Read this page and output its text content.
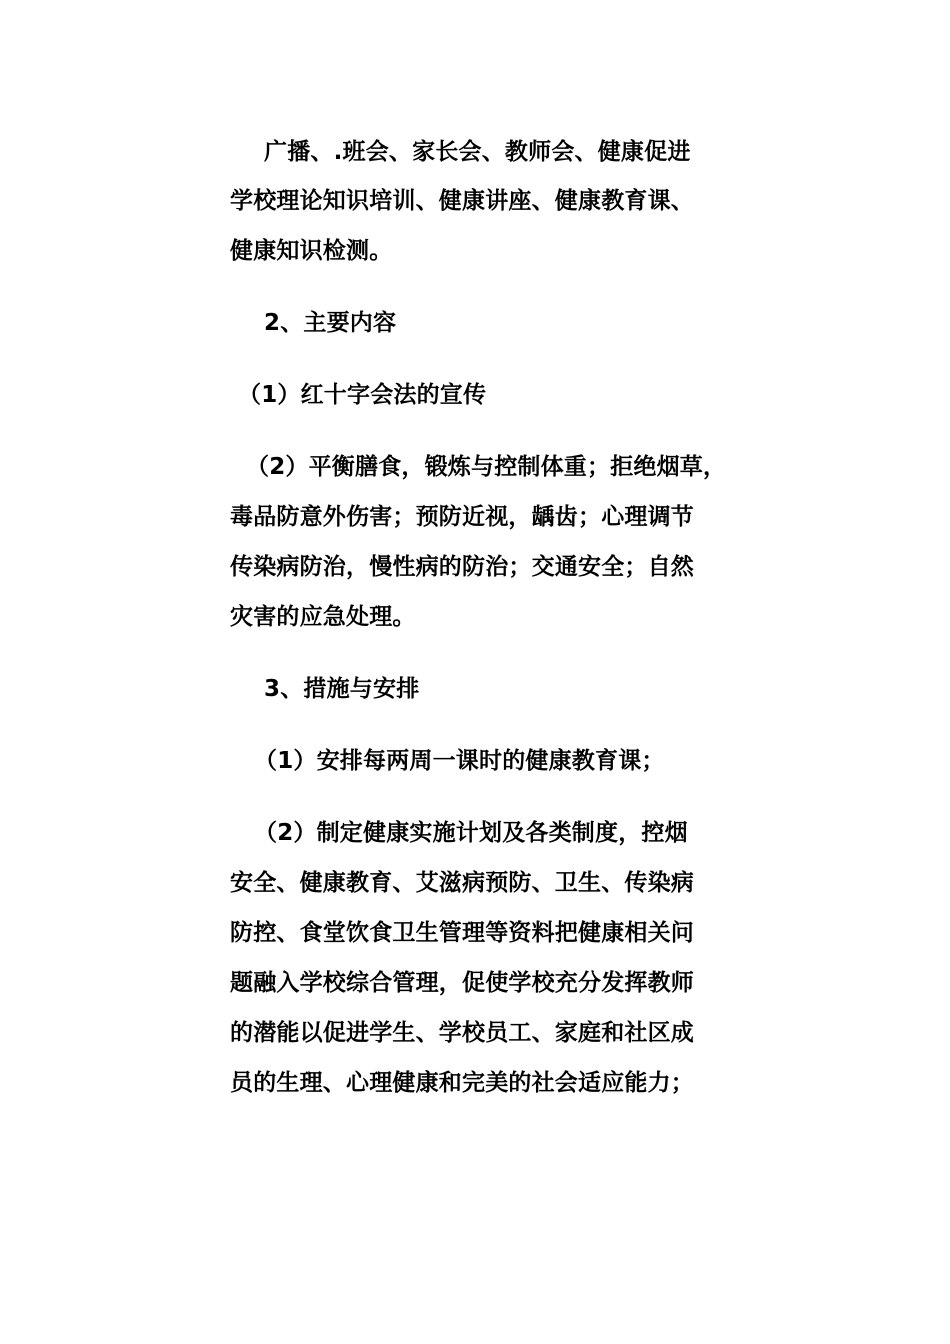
广播、.班会、家长会、教师会、健康促进
学校理论知识培训、健康讲座、健康教育课、
健康知识检测。
2、主要内容
（1）红十字会法的宣传
（2）平衡膳食，锻炼与控制体重；拒绝烟草，
毒品防意外伤害；预防近视，龋齿；心理调节
传染病防治，慢性病的防治；交通安全；自然
灾害的应急处理。
3、措施与安排
（1）安排每两周一课时的健康教育课；
（2）制定健康实施计划及各类制度，控烟
安全、健康教育、艾滋病预防、卫生、传染病
防控、食堂饮食卫生管理等资料把健康相关问
题融入学校综合管理，促使学校充分发挥教师
的潜能以促进学生、学校员工、家庭和社区成
员的生理、心理健康和完美的社会适应能力；
